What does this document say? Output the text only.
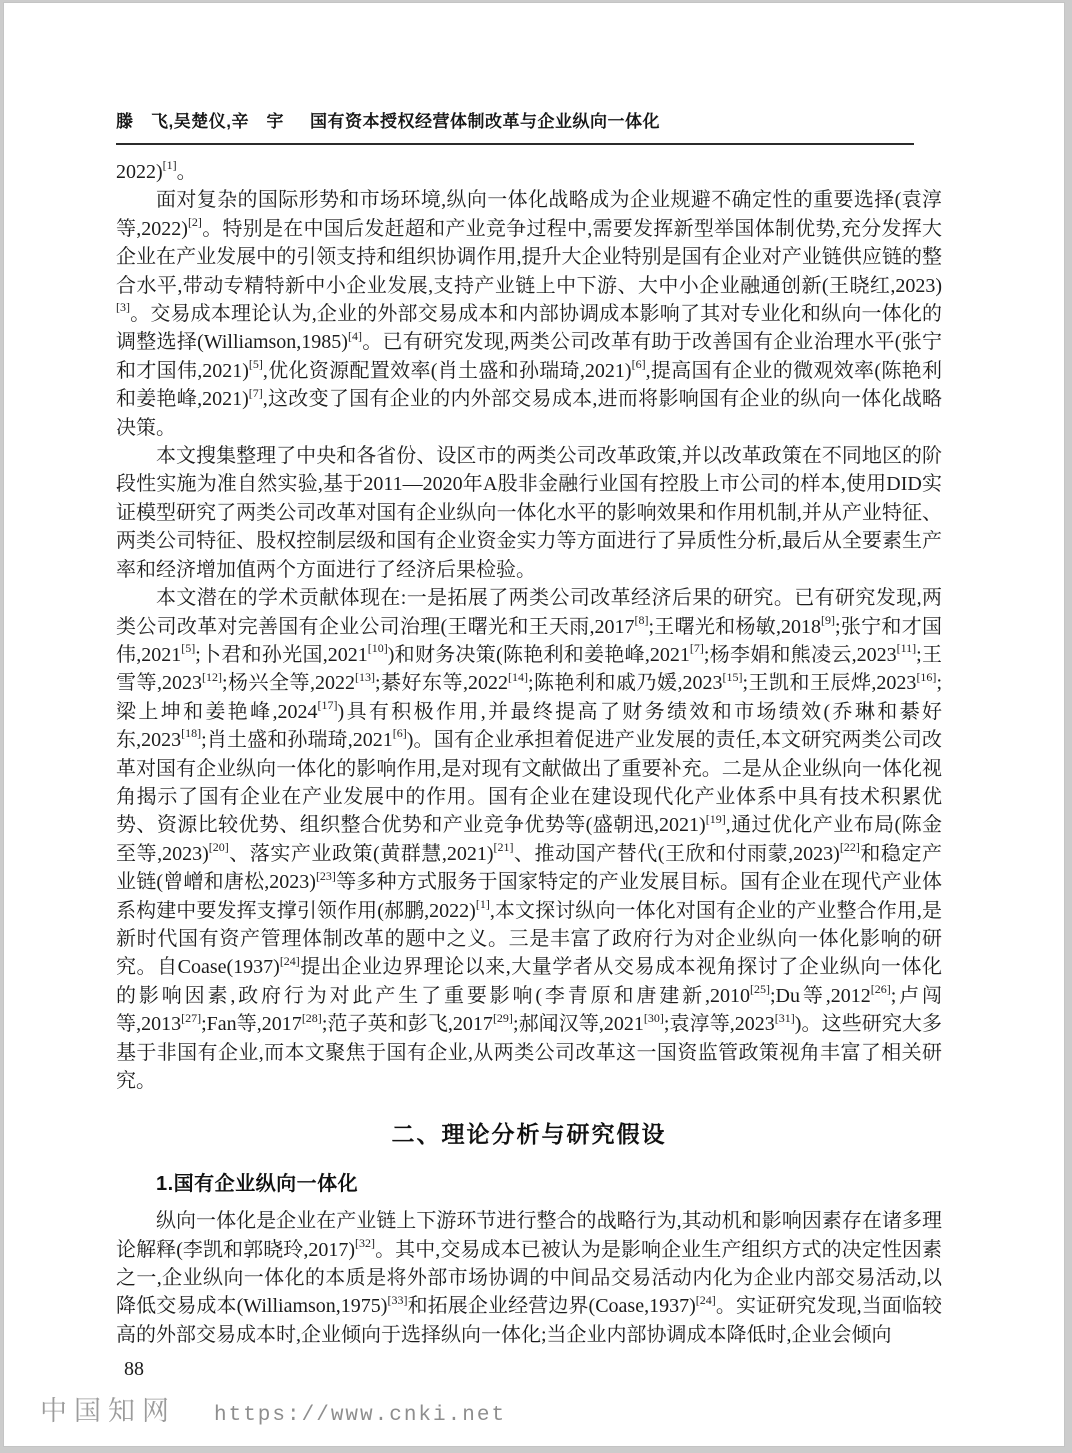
滕　飞,吴楚仪,辛　宇 国有资本授权经营体制改革与企业纵向一体化

2022)[1]。

面对复杂的国际形势和市场环境,纵向一体化战略成为企业规避不确定性的重要选择(袁淳等,2022)[2]。特别是在中国后发赶超和产业竞争过程中,需要发挥新型举国体制优势,充分发挥大企业在产业发展中的引领支持和组织协调作用,提升大企业特别是国有企业对产业链供应链的整合水平,带动专精特新中小企业发展,支持产业链上中下游、大中小企业融通创新(王晓红,2023)[3]。交易成本理论认为,企业的外部交易成本和内部协调成本影响了其对专业化和纵向一体化的调整选择(Williamson,1985)[4]。已有研究发现,两类公司改革有助于改善国有企业治理水平(张宁和才国伟,2021)[5],优化资源配置效率(肖土盛和孙瑞琦,2021)[6],提高国有企业的微观效率(陈艳利和姜艳峰,2021)[7],这改变了国有企业的内外部交易成本,进而将影响国有企业的纵向一体化战略决策。

本文搜集整理了中央和各省份、设区市的两类公司改革政策,并以改革政策在不同地区的阶段性实施为准自然实验,基于2011—2020年A股非金融行业国有控股上市公司的样本,使用DID实证模型研究了两类公司改革对国有企业纵向一体化水平的影响效果和作用机制,并从产业特征、两类公司特征、股权控制层级和国有企业资金实力等方面进行了异质性分析,最后从全要素生产率和经济增加值两个方面进行了经济后果检验。

本文潜在的学术贡献体现在:一是拓展了两类公司改革经济后果的研究。已有研究发现,两类公司改革对完善国有企业公司治理(王曙光和王天雨,2017[8];王曙光和杨敏,2018[9];张宁和才国伟,2021[5];卜君和孙光国,2021[10])和财务决策(陈艳利和姜艳峰,2021[7];杨李娟和熊凌云,2023[11];王雪等,2023[12];杨兴全等,2022[13];綦好东等,2022[14];陈艳利和戚乃媛,2023[15];王凯和王辰烨,2023[16];梁上坤和姜艳峰,2024[17])具有积极作用,并最终提高了财务绩效和市场绩效(乔琳和綦好东,2023[18];肖土盛和孙瑞琦,2021[6])。国有企业承担着促进产业发展的责任,本文研究两类公司改革对国有企业纵向一体化的影响作用,是对现有文献做出了重要补充。二是从企业纵向一体化视角揭示了国有企业在产业发展中的作用。国有企业在建设现代化产业体系中具有技术积累优势、资源比较优势、组织整合优势和产业竞争优势等(盛朝迅,2021)[19],通过优化产业布局(陈金至等,2023)[20]、落实产业政策(黄群慧,2021)[21]、推动国产替代(王欣和付雨蒙,2023)[22]和稳定产业链(曾嶒和唐松,2023)[23]等多种方式服务于国家特定的产业发展目标。国有企业在现代产业体系构建中要发挥支撑引领作用(郝鹏,2022)[1],本文探讨纵向一体化对国有企业的产业整合作用,是新时代国有资产管理体制改革的题中之义。三是丰富了政府行为对企业纵向一体化影响的研究。自Coase(1937)[24]提出企业边界理论以来,大量学者从交易成本视角探讨了企业纵向一体化的影响因素,政府行为对此产生了重要影响(李青原和唐建新,2010[25];Du等,2012[26];卢闯等,2013[27];Fan等,2017[28];范子英和彭飞,2017[29];郝闻汉等,2021[30];袁淳等,2023[31])。这些研究大多基于非国有企业,而本文聚焦于国有企业,从两类公司改革这一国资监管政策视角丰富了相关研究。

二、理论分析与研究假设
1.国有企业纵向一体化

纵向一体化是企业在产业链上下游环节进行整合的战略行为,其动机和影响因素存在诸多理论解释(李凯和郭晓玲,2017)[32]。其中,交易成本已被认为是影响企业生产组织方式的决定性因素之一,企业纵向一体化的本质是将外部市场协调的中间品交易活动内化为企业内部交易活动,以降低交易成本(Williamson,1975)[33]和拓展企业经营边界(Coase,1937)[24]。实证研究发现,当面临较高的外部交易成本时,企业倾向于选择纵向一体化;当企业内部协调成本降低时,企业会倾向

88
中国知网 https://www.cnki.net
